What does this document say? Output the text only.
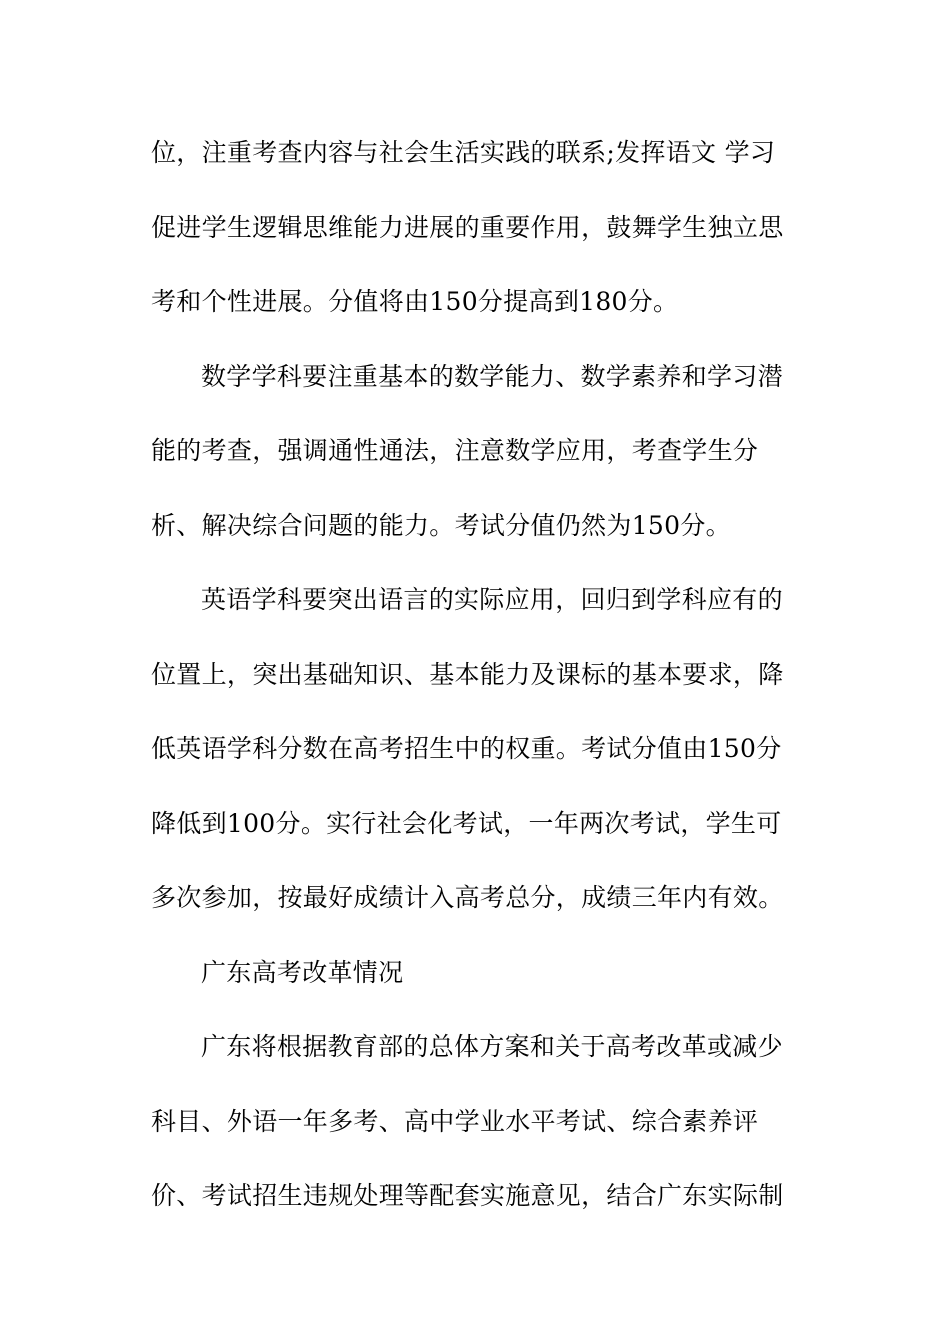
位，注重考查内容与社会生活实践的联系;发挥语文 学习
促进学生逻辑思维能力进展的重要作用，鼓舞学生独立思
考和个性进展。分值将由150分提高到180分。
数学学科要注重基本的数学能力、数学素养和学习潜
能的考查，强调通性通法，注意数学应用，考查学生分
析、解决综合问题的能力。考试分值仍然为150分。
英语学科要突出语言的实际应用，回归到学科应有的
位置上，突出基础知识、基本能力及课标的基本要求，降
低英语学科分数在高考招生中的权重。考试分值由150分
降低到100分。实行社会化考试，一年两次考试，学生可
多次参加，按最好成绩计入高考总分，成绩三年内有效。
广东高考改革情况
广东将根据教育部的总体方案和关于高考改革或减少
科目、外语一年多考、高中学业水平考试、综合素养评
价、考试招生违规处理等配套实施意见，结合广东实际制
